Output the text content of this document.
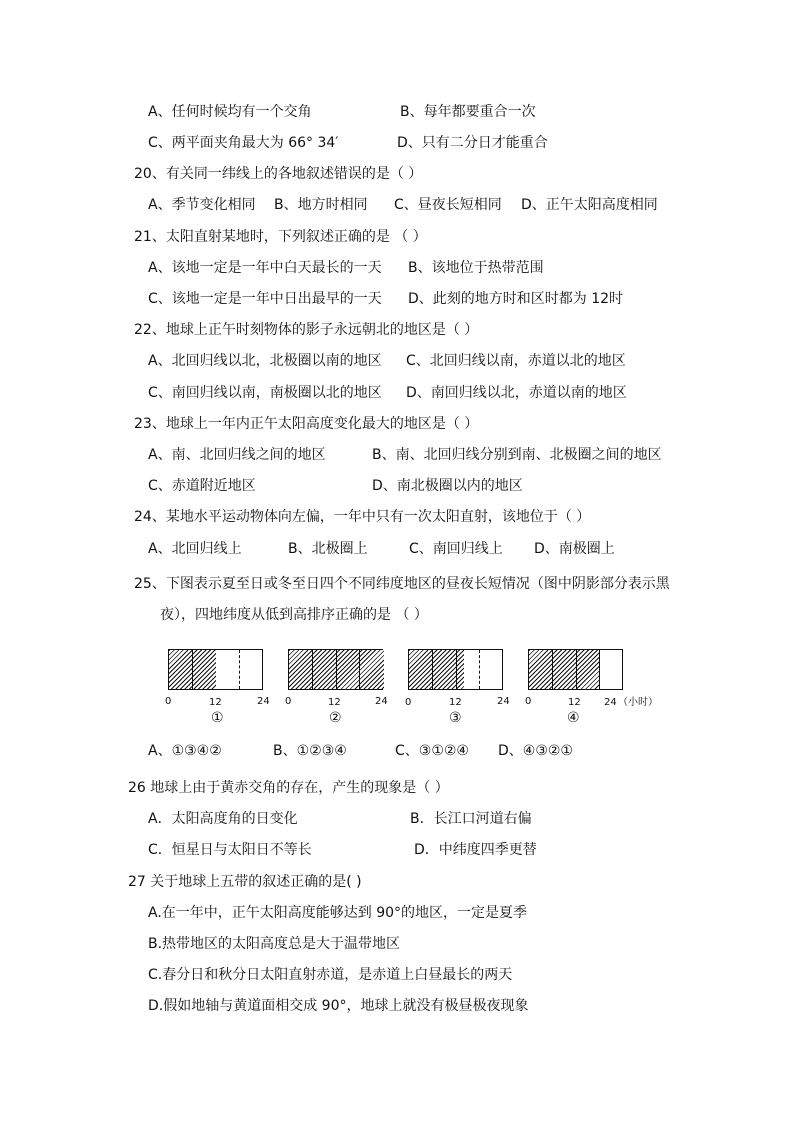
A、任何时候均有一个交角	B、每年都要重合一次
C、两平面夹角最大为 66° 34′	D、只有二分日才能重合
20、有关同一纬线上的各地叙述错误的是（ ）
A、季节变化相同 B、地方时相同 C、昼夜长短相同 D、正午太阳高度相同
21、太阳直射某地时，下列叙述正确的是 （ ）
A、该地一定是一年中白天最长的一天 B、该地位于热带范围
C、该地一定是一年中日出最早的一天 D、此刻的地方时和区时都为 12时
22、地球上正午时刻物体的影子永远朝北的地区是（ ）
A、北回归线以北，北极圈以南的地区 C、北回归线以南，赤道以北的地区
C、南回归线以南，南极圈以北的地区 D、南回归线以北，赤道以南的地区
23、地球上一年内正午太阳高度变化最大的地区是（ ）
A、南、北回归线之间的地区	B、南、北回归线分别到南、北极圈之间的地区
C、赤道附近地区	D、南北极圈以内的地区
24、某地水平运动物体向左偏，一年中只有一次太阳直射，该地位于（ ）
A、北回归线上	B、北极圈上	C、南回归线上 D、南极圈上
25、下图表示夏至日或冬至日四个不同纬度地区的昼夜长短情况（图中阴影部分表示黑
夜），四地纬度从低到高排序正确的是 （ ）
0	12	24
①
0	12	24
②
0	12	24
③
0	12 24 （小时）
④
A、①③④②	B、①②③④	C、③①②④ D、④③②①
26 地球上由于黄赤交角的存在，产生的现象是（ ）
A．太阳高度角的日变化	B．长江口河道右偏
C．恒星日与太阳日不等长	D．中纬度四季更替
27 关于地球上五带的叙述正确的是( )
A.在一年中，正午太阳高度能够达到 90°的地区，一定是夏季
B.热带地区的太阳高度总是大于温带地区
C.春分日和秋分日太阳直射赤道，是赤道上白昼最长的两天
D.假如地轴与黄道面相交成 90°，地球上就没有极昼极夜现象
